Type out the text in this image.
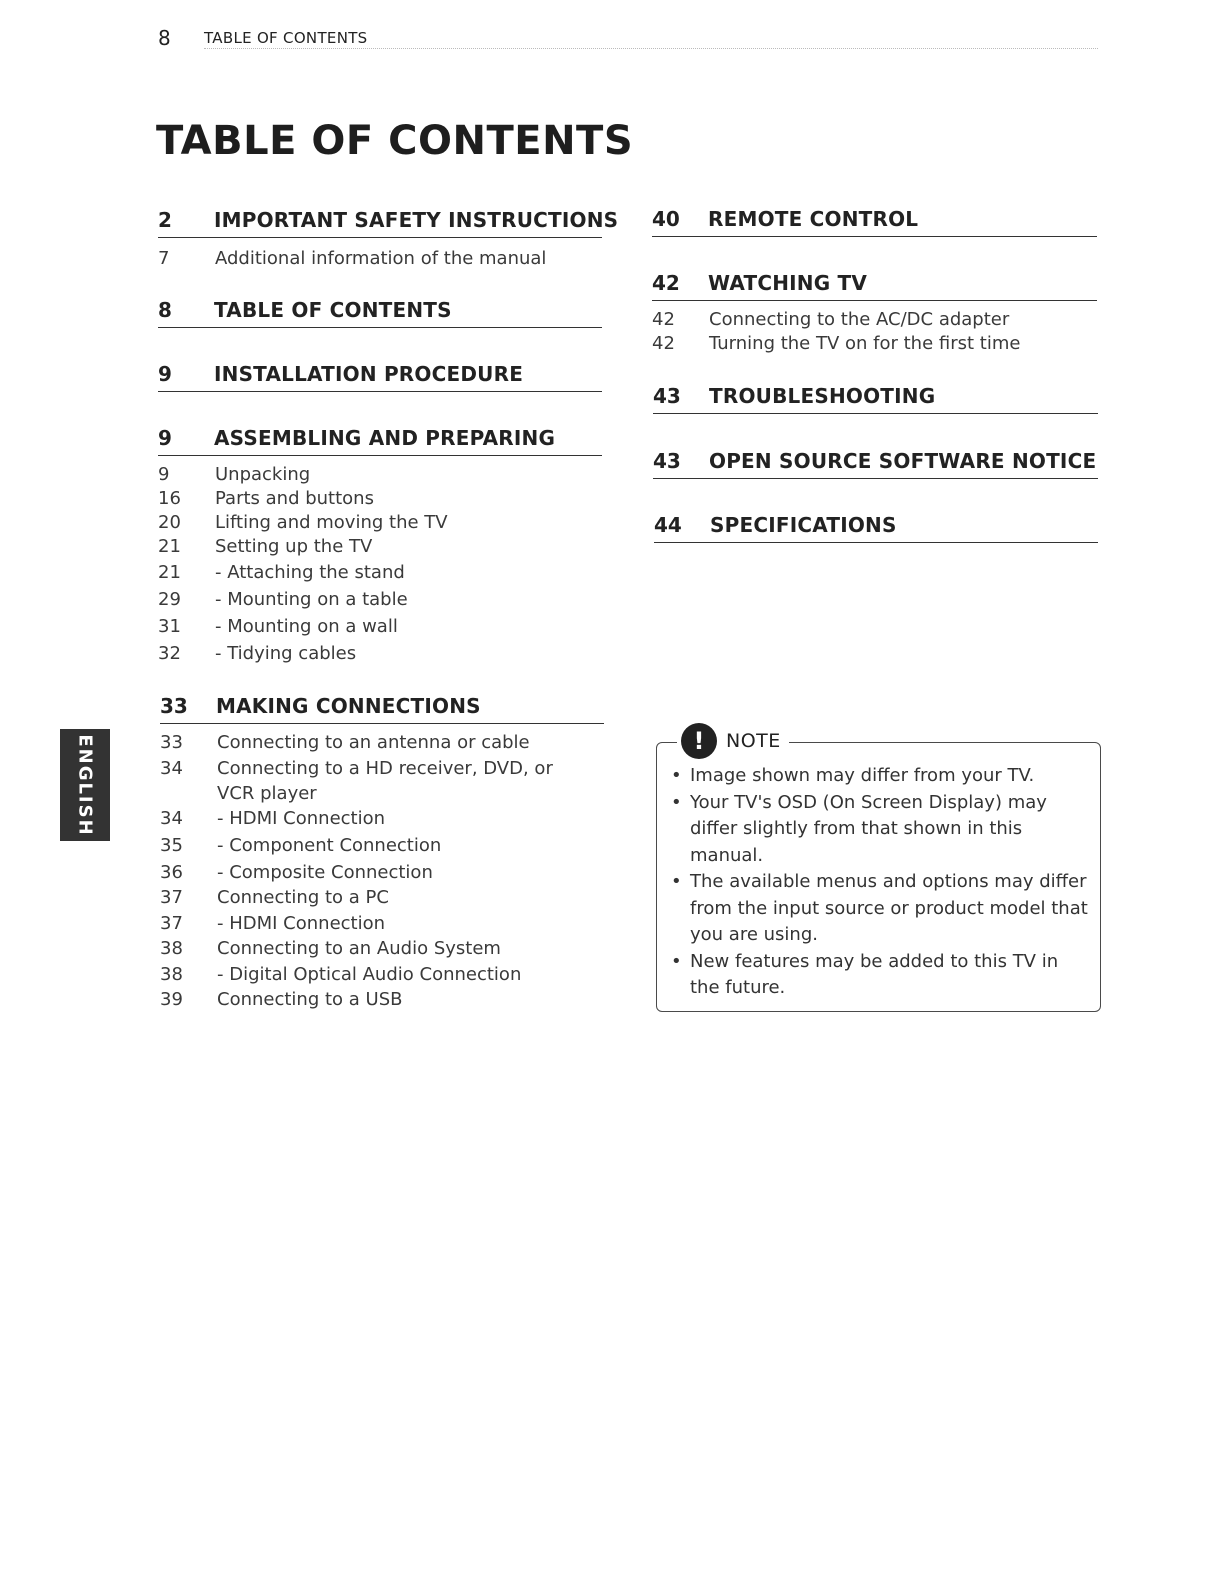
8 TABLE OF CONTENTS
TABLE OF CONTENTS
2 IMPORTANT SAFETY INSTRUCTIONS
7	Additional information of the manual
8 TABLE OF CONTENTS
9 INSTALLATION PROCEDURE
9 ASSEMBLING AND PREPARING
9	Unpacking
16 Parts and buttons
20 Lifting and moving the TV
21 Setting up the TV
21 - Attaching the stand
29 - Mounting on a table
31 - Mounting on a wall
32 - Tidying cables
33 MAKING CONNECTIONS
33 Connecting to an antenna or cable
34 Connecting to a HD receiver, DVD, or VCR player
34 - HDMI Connection
35 - Component Connection
36 - Composite Connection
37 Connecting to a PC
37 - HDMI Connection
38 Connecting to an Audio System
38 - Digital Optical Audio Connection
39 Connecting to a USB
40 REMOTE CONTROL
42 WATCHING TV
42 Connecting to the AC/DC adapter
42 Turning the TV on for the first time
43 TROUBLESHOOTING
43 OPEN SOURCE SOFTWARE NOTICE
44 SPECIFICATIONS
ENGLISH	!	NOTE
• Image shown may differ from your TV.
• Your TV's OSD (On Screen Display) may differ slightly from that shown in this manual.
• The available menus and options may differ from the input source or product model that you are using.
• New features may be added to this TV in the future.
